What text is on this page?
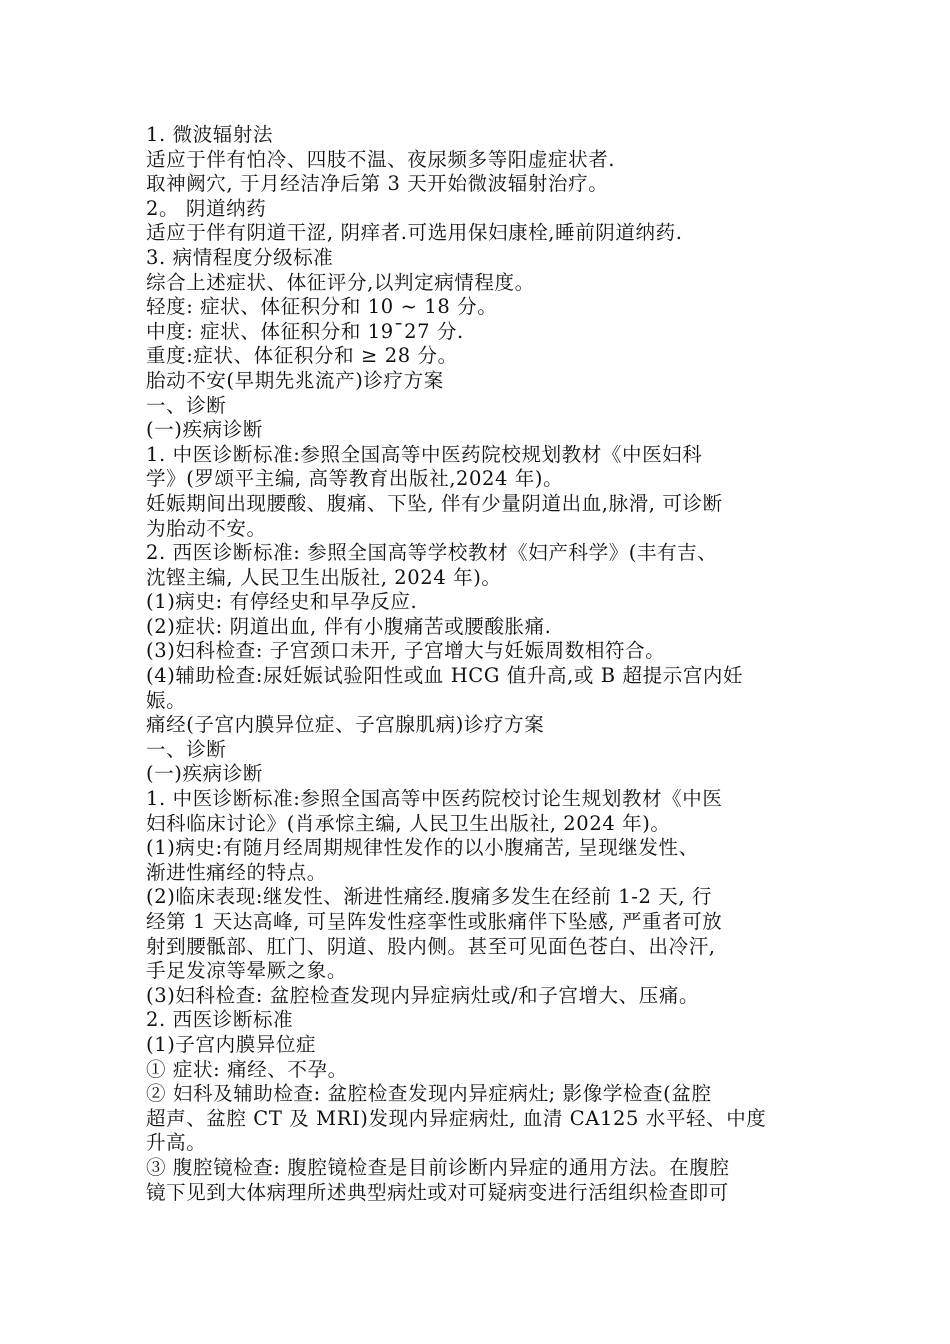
1. 微波辐射法
适应于伴有怕冷、四肢不温、夜尿频多等阳虚症状者.
取神阙穴, 于月经洁净后第 3 天开始微波辐射治疗。
2。 阴道纳药
适应于伴有阴道干涩, 阴痒者.可选用保妇康栓,睡前阴道纳药.
3. 病情程度分级标准
综合上述症状、体征评分,以判定病情程度。
轻度: 症状、体征积分和 10 ~ 18 分。
中度: 症状、体征积分和 19¯27 分.
重度:症状、体征积分和 ≥ 28 分。
胎动不安(早期先兆流产)诊疗方案
一、诊断
(一)疾病诊断
1. 中医诊断标准:参照全国高等中医药院校规划教材《中医妇科
学》(罗颂平主编, 高等教育出版社,2024 年)。
妊娠期间出现腰酸、腹痛、下坠, 伴有少量阴道出血,脉滑, 可诊断
为胎动不安。
2. 西医诊断标准: 参照全国高等学校教材《妇产科学》(丰有吉、
沈铿主编, 人民卫生出版社, 2024 年)。
(1)病史: 有停经史和早孕反应.
(2)症状: 阴道出血, 伴有小腹痛苦或腰酸胀痛.
(3)妇科检查: 子宫颈口未开, 子宫增大与妊娠周数相符合。
(4)辅助检查:尿妊娠试验阳性或血 HCG 值升高,或 B 超提示宫内妊
娠。
痛经(子宫内膜异位症、子宫腺肌病)诊疗方案
一、诊断
(一)疾病诊断
1. 中医诊断标准:参照全国高等中医药院校讨论生规划教材《中医
妇科临床讨论》(肖承悰主编, 人民卫生出版社, 2024 年)。
(1)病史:有随月经周期规律性发作的以小腹痛苦, 呈现继发性、
渐进性痛经的特点。
(2)临床表现:继发性、渐进性痛经.腹痛多发生在经前 1-2 天, 行
经第 1 天达高峰, 可呈阵发性痉挛性或胀痛伴下坠感, 严重者可放
射到腰骶部、肛门、阴道、股内侧。甚至可见面色苍白、出冷汗,
手足发凉等晕厥之象。
(3)妇科检查: 盆腔检查发现内异症病灶或/和子宫增大、压痛。
2. 西医诊断标准
(1)子宫内膜异位症
① 症状: 痛经、不孕。
② 妇科及辅助检查: 盆腔检查发现内异症病灶; 影像学检查(盆腔
超声、盆腔 CT 及 MRI)发现内异症病灶, 血清 CA125 水平轻、中度
升高。
③ 腹腔镜检查: 腹腔镜检查是目前诊断内异症的通用方法。在腹腔
镜下见到大体病理所述典型病灶或对可疑病变进行活组织检查即可
